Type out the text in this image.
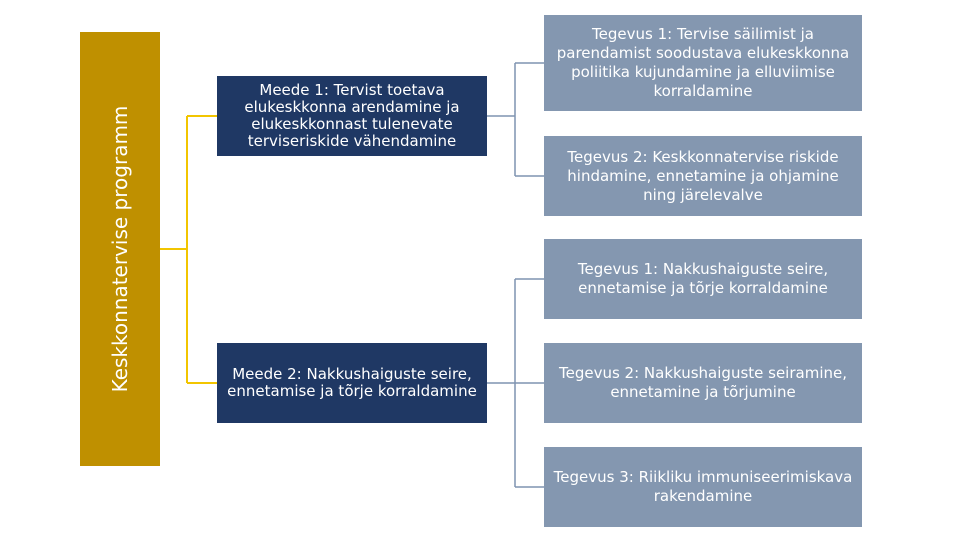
Keskkonnatervise programm
Meede 1: Tervist toetava elukeskkonna arendamine ja elukeskkonnast tulenevate terviseriskide vähendamine
Meede 2: Nakkushaiguste seire, ennetamise ja tõrje korraldamine
Tegevus 1: Tervise säilimist ja parendamist soodustava elukeskkonna poliitika kujundamine ja elluviimise korraldamine
Tegevus 2: Keskkonnatervise riskide hindamine, ennetamine ja ohjamine ning järelevalve
Tegevus 1: Nakkushaiguste seire, ennetamise ja tõrje korraldamine
Tegevus 2: Nakkushaiguste seiramine, ennetamine ja tõrjumine
Tegevus 3: Riikliku immuniseerimiskava rakendamine
